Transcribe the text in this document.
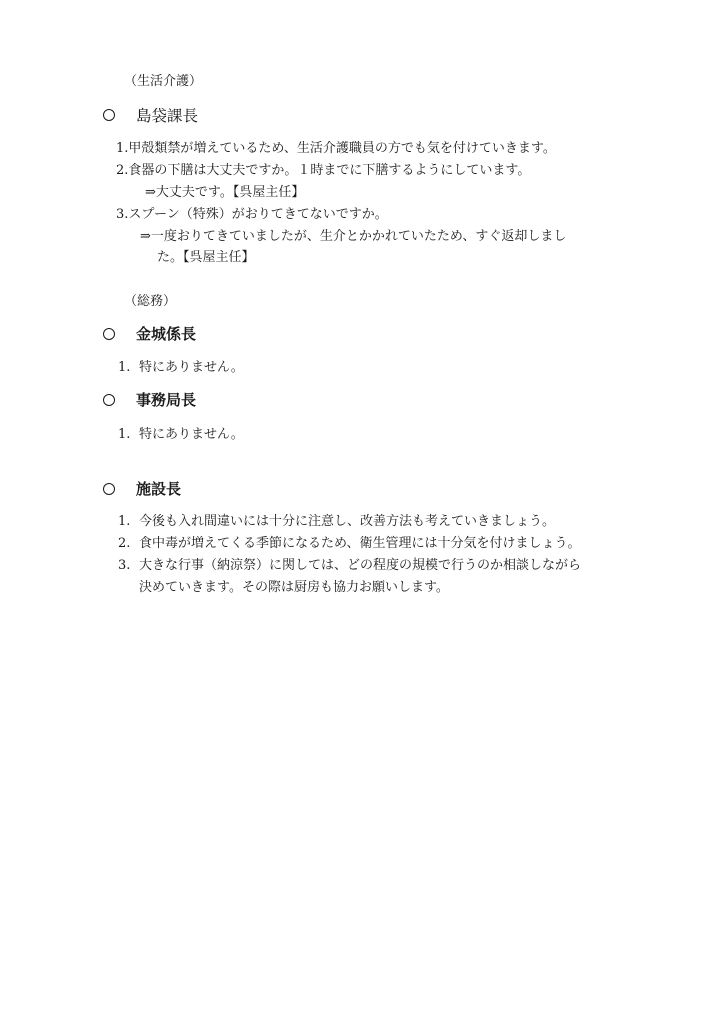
（生活介護）
島袋課長
1.甲殻類禁が増えているため、生活介護職員の方でも気を付けていきます。
2.食器の下膳は大丈夫ですか。１時までに下膳するようにしています。
⇒大丈夫です。【呉屋主任】
3.スプーン（特殊）がおりてきてないですか。
⇒一度おりてきていましたが、生介とかかれていたため、すぐ返却しまし
た。【呉屋主任】
（総務）
金城係長
1. 特にありません。
事務局長
1. 特にありません。
施設長
1. 今後も入れ間違いには十分に注意し、改善方法も考えていきましょう。
2. 食中毒が増えてくる季節になるため、衛生管理には十分気を付けましょう。
3. 大きな行事（納涼祭）に関しては、どの程度の規模で行うのか相談しながら
決めていきます。その際は厨房も協力お願いします。
